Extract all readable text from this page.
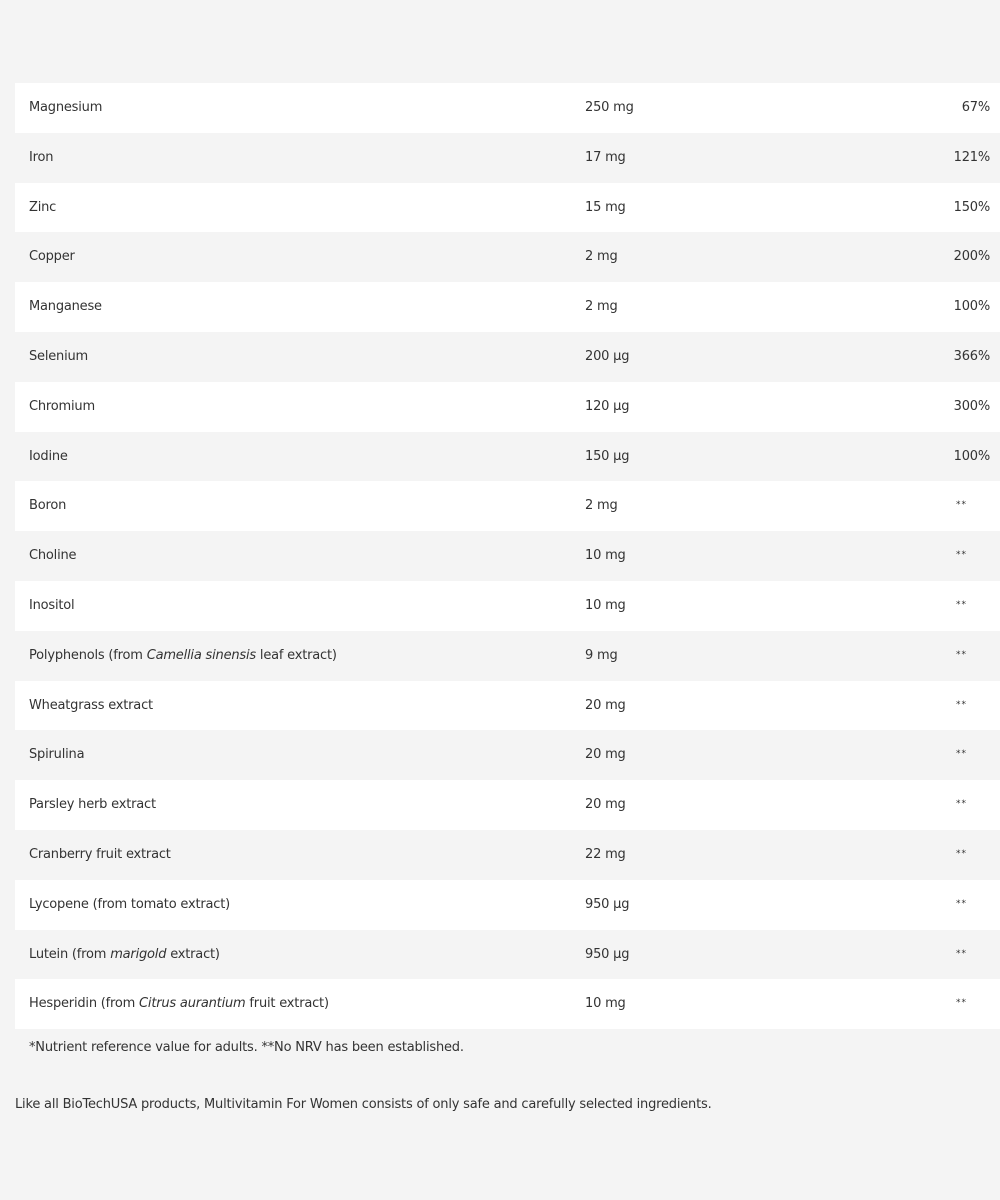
Magnesium	250 mg	67%
Iron	17 mg	121%
Zinc	15 mg	150%
Copper	2 mg	200%
Manganese	2 mg	100%
Selenium	200 µg	366%
Chromium	120 µg	300%
Iodine	150 µg	100%
Boron	2 mg	**
Choline	10 mg	**
Inositol	10 mg	**
Polyphenols (from Camellia sinensis leaf extract)	9 mg	**
Wheatgrass extract	20 mg	**
Spirulina	20 mg	**
Parsley herb extract	20 mg	**
Cranberry fruit extract	22 mg	**
Lycopene (from tomato extract)	950 µg	**
Lutein (from marigold extract)	950 µg	**
Hesperidin (from Citrus aurantium fruit extract)	10 mg	**
*Nutrient reference value for adults. **No NRV has been established.
Like all BioTechUSA products, Multivitamin For Women consists of only safe and carefully selected ingredients.
